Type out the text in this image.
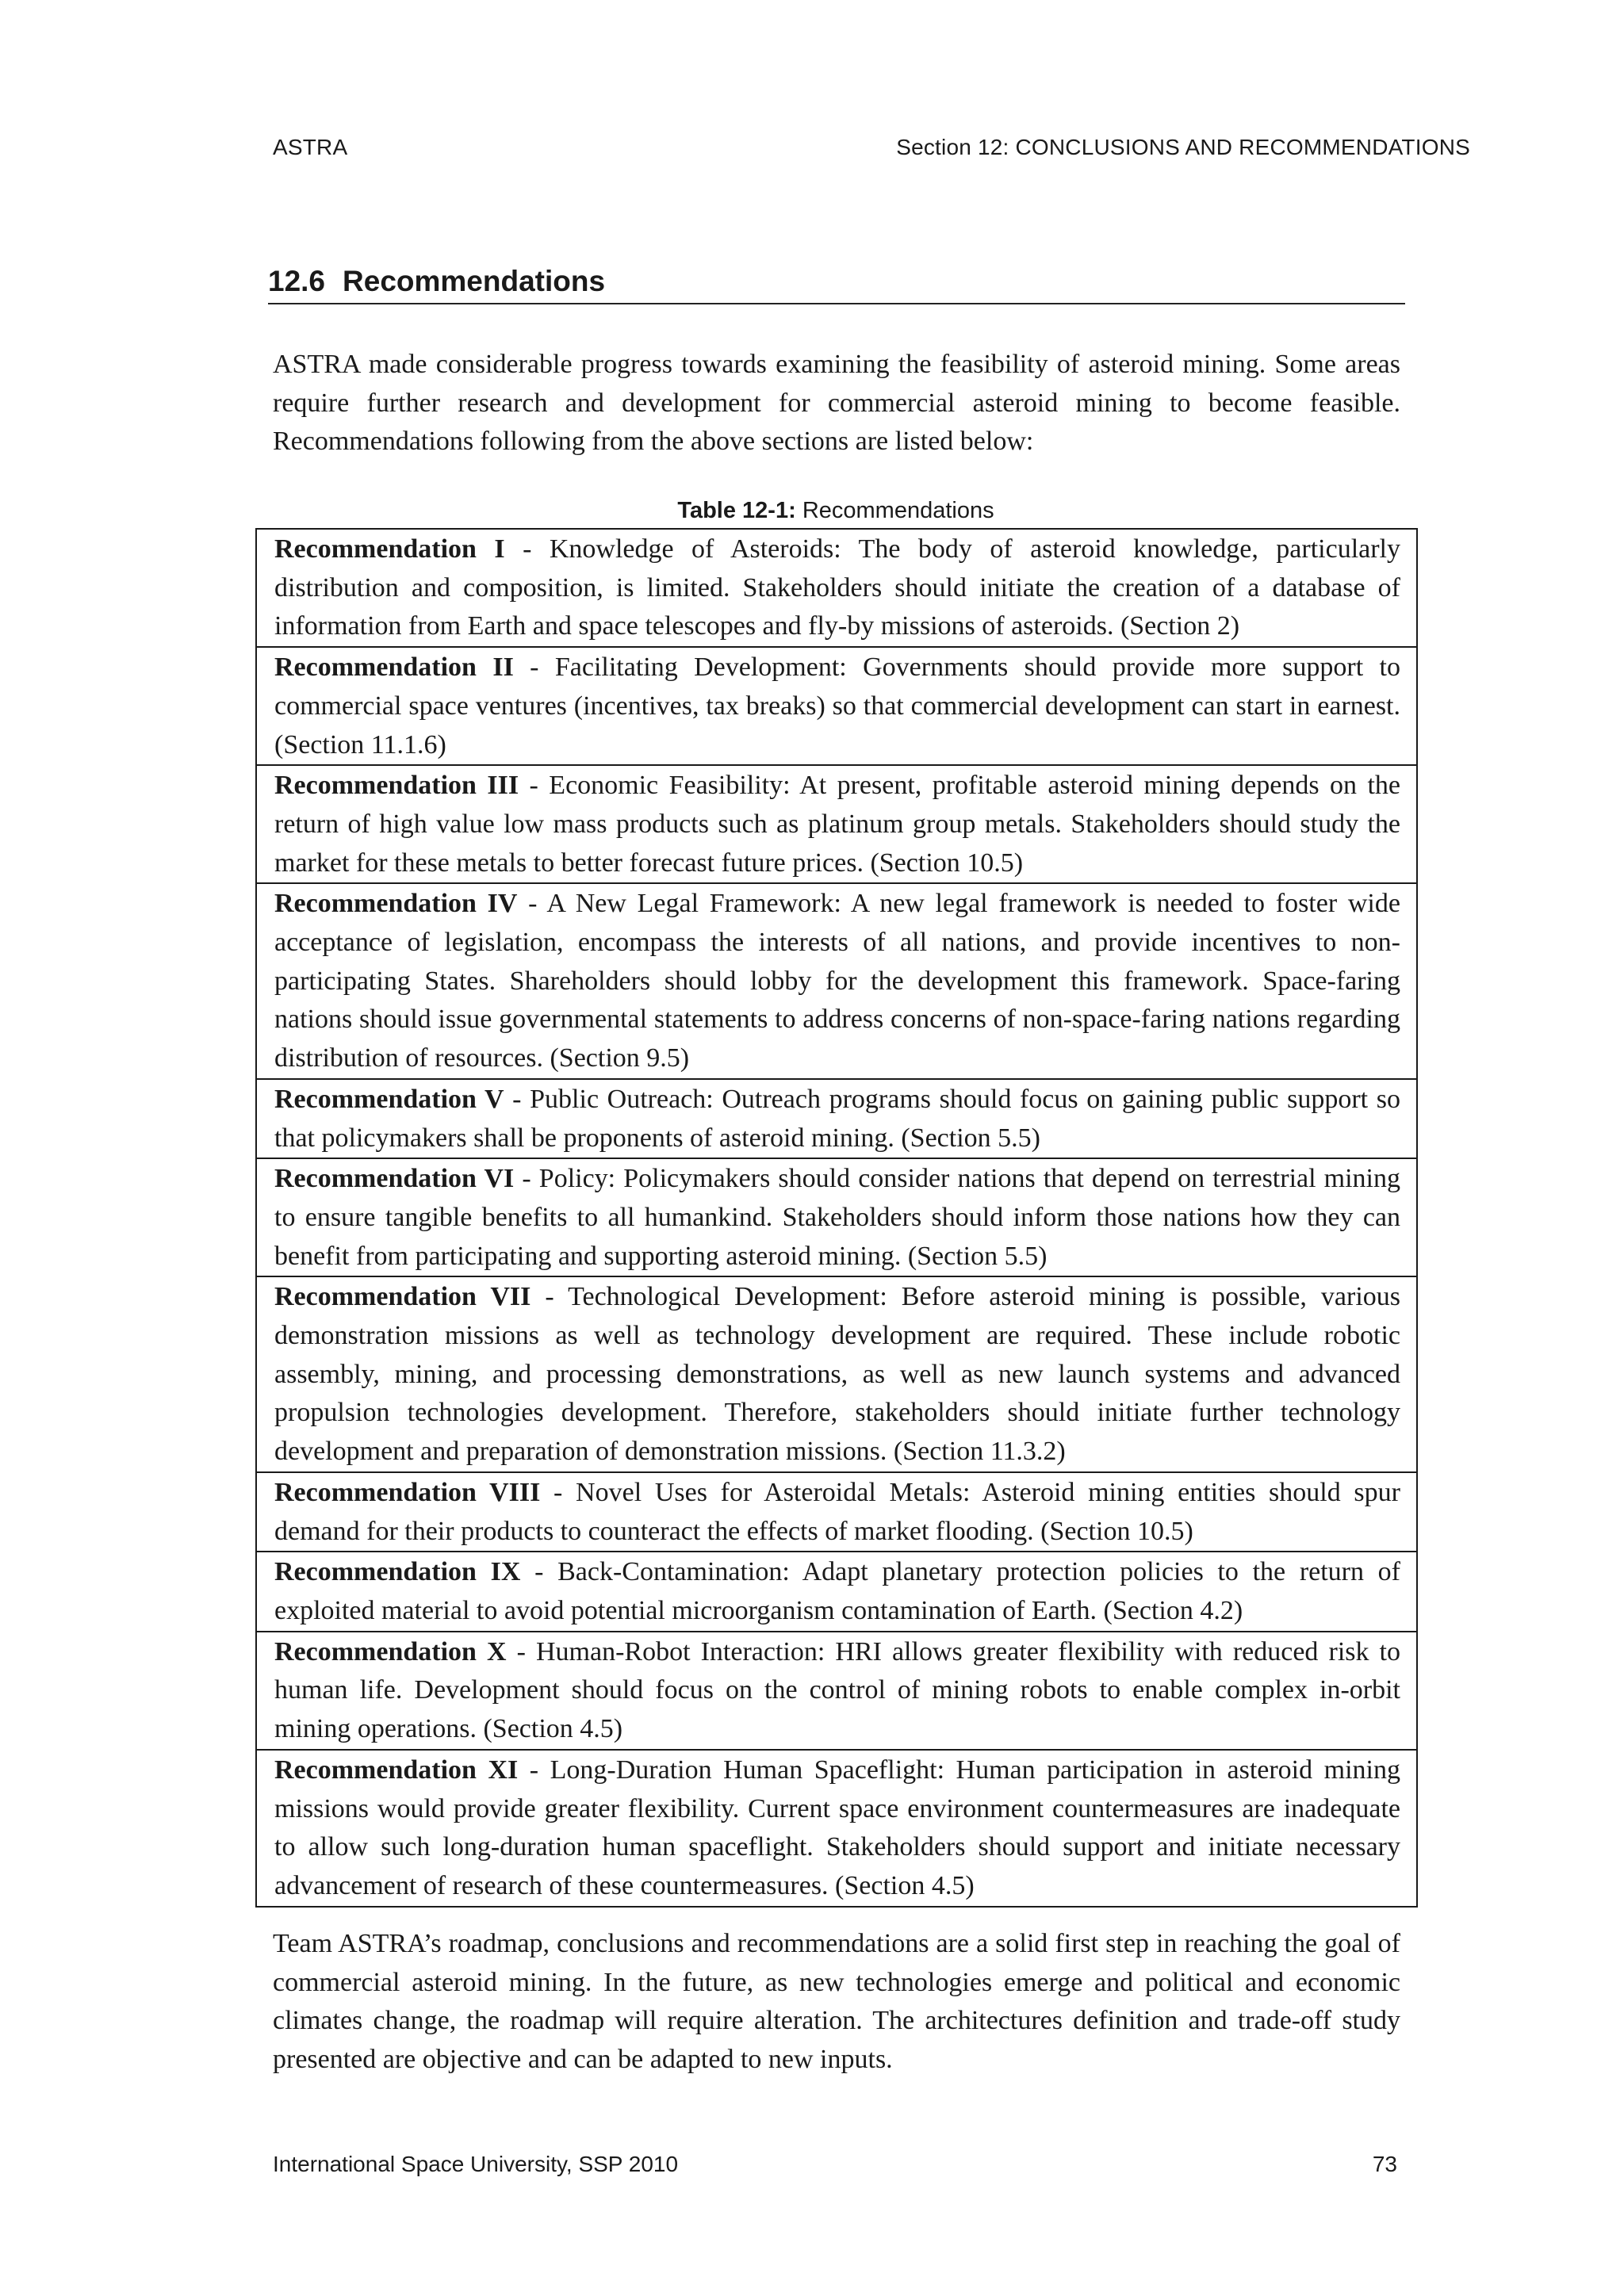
ASTRA	Section 12: CONCLUSIONS AND RECOMMENDATIONS
12.6 Recommendations

ASTRA made considerable progress towards examining the feasibility of asteroid mining. Some areas require further research and development for commercial asteroid mining to become feasible. Recommendations following from the above sections are listed below:

Table 12-1: Recommendations

Recommendation I - Knowledge of Asteroids: The body of asteroid knowledge, particularly distribution and composition, is limited. Stakeholders should initiate the creation of a database of information from Earth and space telescopes and fly-by missions of asteroids. (Section 2)

Recommendation II - Facilitating Development: Governments should provide more support to commercial space ventures (incentives, tax breaks) so that commercial development can start in earnest. (Section 11.1.6)

Recommendation III - Economic Feasibility: At present, profitable asteroid mining depends on the return of high value low mass products such as platinum group metals. Stakeholders should study the market for these metals to better forecast future prices. (Section 10.5)

Recommendation IV - A New Legal Framework: A new legal framework is needed to foster wide acceptance of legislation, encompass the interests of all nations, and provide incentives to non-participating States. Shareholders should lobby for the development this framework. Space-faring nations should issue governmental statements to address concerns of non-space-faring nations regarding distribution of resources. (Section 9.5)

Recommendation V - Public Outreach: Outreach programs should focus on gaining public support so that policymakers shall be proponents of asteroid mining. (Section 5.5)

Recommendation VI - Policy: Policymakers should consider nations that depend on terrestrial mining to ensure tangible benefits to all humankind. Stakeholders should inform those nations how they can benefit from participating and supporting asteroid mining. (Section 5.5)

Recommendation VII - Technological Development: Before asteroid mining is possible, various demonstration missions as well as technology development are required. These include robotic assembly, mining, and processing demonstrations, as well as new launch systems and advanced propulsion technologies development. Therefore, stakeholders should initiate further technology development and preparation of demonstration missions. (Section 11.3.2)

Recommendation VIII - Novel Uses for Asteroidal Metals: Asteroid mining entities should spur demand for their products to counteract the effects of market flooding. (Section 10.5)

Recommendation IX - Back-Contamination: Adapt planetary protection policies to the return of exploited material to avoid potential microorganism contamination of Earth. (Section 4.2)

Recommendation X - Human-Robot Interaction: HRI allows greater flexibility with reduced risk to human life. Development should focus on the control of mining robots to enable complex in-orbit mining operations. (Section 4.5)

Recommendation XI - Long-Duration Human Spaceflight: Human participation in asteroid mining missions would provide greater flexibility. Current space environment countermeasures are inadequate to allow such long-duration human spaceflight. Stakeholders should support and initiate necessary advancement of research of these countermeasures. (Section 4.5)

Team ASTRA’s roadmap, conclusions and recommendations are a solid first step in reaching the goal of commercial asteroid mining. In the future, as new technologies emerge and political and economic climates change, the roadmap will require alteration. The architectures definition and trade-off study presented are objective and can be adapted to new inputs.

International Space University, SSP 2010	73
